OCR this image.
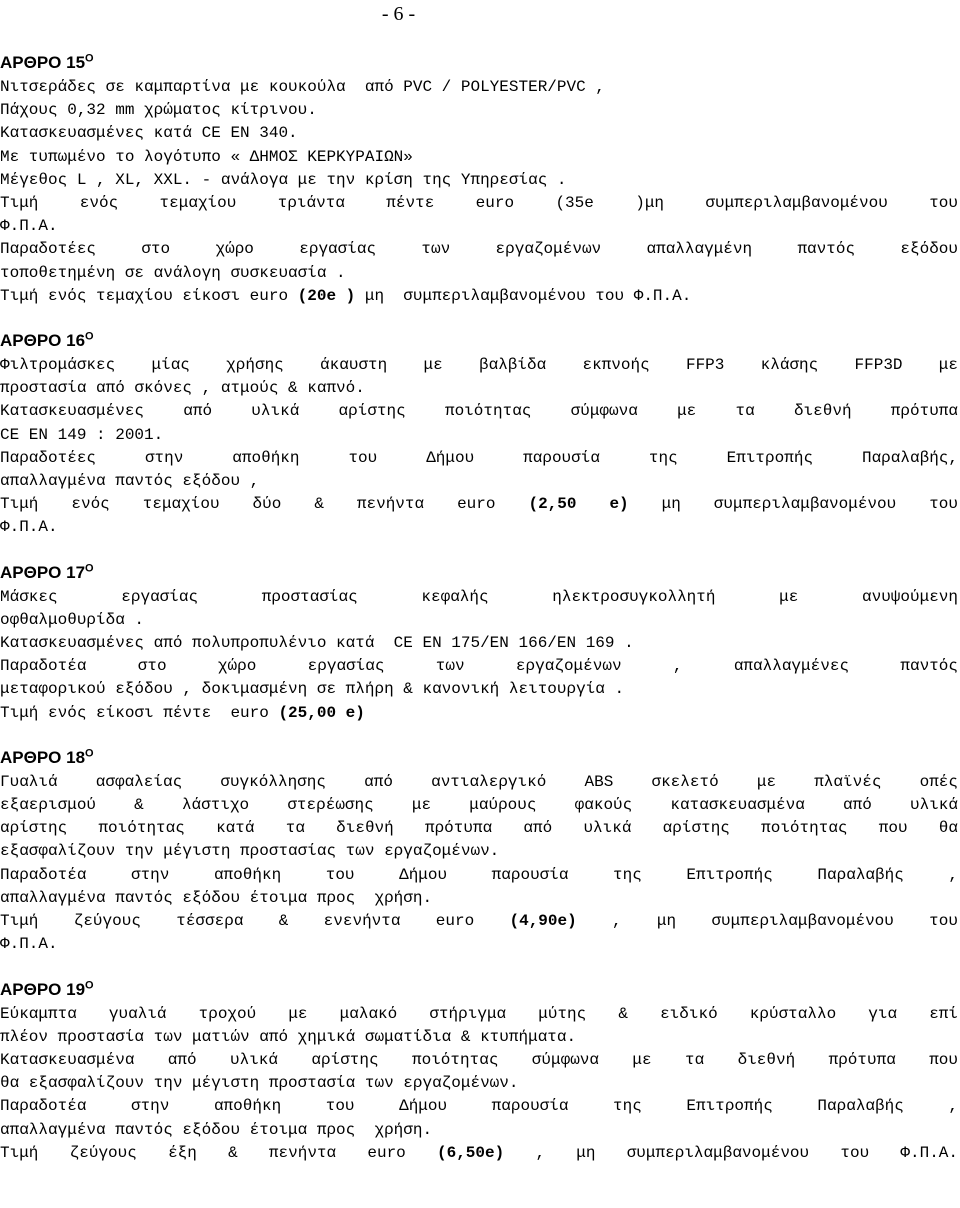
- 6 -
ΑΡΘΡΟ $15^O$
Νιτσεράδες σε καμπαρτίνα με κουκούλα  από PVC / POLYESTER/PVC ,
Πάχους 0,32 mm χρώματος κίτρινου.
Κατασκευασμένες κατά CE EN 340.
Με τυπωμένο το λογότυπο « ΔΗΜΟΣ ΚΕΡΚΥΡΑΙΩΝ»
Μέγεθος L , XL, XXL. - ανάλογα με την κρίση της Υπηρεσίας .
Τιμή ενός τεμαχίου τριάντα πέντε euro (35e )μη συμπεριλαμβανομένου του
Φ.Π.Α.
Παραδοτέες στο χώρο εργασίας των εργαζομένων απαλλαγμένη παντός εξόδου
τοποθετημένη σε ανάλογη συσκευασία .
Τιμή ενός τεμαχίου είκοσι euro (20e ) μη  συμπεριλαμβανομένου του Φ.Π.Α.
ΑΡΘΡΟ $16^O$
Φιλτρομάσκες μίας χρήσης άκαυστη με βαλβίδα εκπνοής FFP3 κλάσης FFP3D με
προστασία από σκόνες , ατμούς & καπνό.
Κατασκευασμένες από υλικά αρίστης ποιότητας σύμφωνα με τα διεθνή πρότυπα
CE EN 149 : 2001.
Παραδοτέες στην αποθήκη του Δήμου παρουσία της Επιτροπής Παραλαβής,
απαλλαγμένα παντός εξόδου ,
Τιμή ενός τεμαχίου δύο & πενήντα euro (2,50 e) μη συμπεριλαμβανομένου του
Φ.Π.Α.
ΑΡΘΡΟ $17^O$
Μάσκες εργασίας προστασίας κεφαλής ηλεκτροσυγκολλητή με ανυψούμενη
οφθαλμοθυρίδα .
Κατασκευασμένες από πολυπροπυλένιο κατά  CE EN 175/EN 166/EN 169 .
Παραδοτέα στο χώρο εργασίας των εργαζομένων , απαλλαγμένες παντός
μεταφορικού εξόδου , δοκιμασμένη σε πλήρη & κανονική λειτουργία .
Τιμή ενός είκοσι πέντε  euro (25,00 e)
ΑΡΘΡΟ $18^O$
Γυαλιά ασφαλείας συγκόλλησης από αντιαλεργικό ABS σκελετό με πλαϊνές οπές
εξαερισμού & λάστιχο στερέωσης με μαύρους φακούς κατασκευασμένα από υλικά
αρίστης ποιότητας κατά τα διεθνή πρότυπα από υλικά αρίστης ποιότητας που θα
εξασφαλίζουν την μέγιστη προστασίας των εργαζομένων.
Παραδοτέα στην αποθήκη του Δήμου παρουσία της Επιτροπής Παραλαβής ,
απαλλαγμένα παντός εξόδου έτοιμα προς  χρήση.
Τιμή ζεύγους τέσσερα & ενενήντα euro (4,90e) , μη συμπεριλαμβανομένου του
Φ.Π.Α.
ΑΡΘΡΟ $19^O$
Εύκαμπτα γυαλιά τροχού με μαλακό στήριγμα μύτης & ειδικό κρύσταλλο για επί
πλέον προστασία των ματιών από χημικά σωματίδια & κτυπήματα.
Κατασκευασμένα από υλικά αρίστης ποιότητας σύμφωνα με τα διεθνή πρότυπα που
θα εξασφαλίζουν την μέγιστη προστασία των εργαζομένων.
Παραδοτέα στην αποθήκη του Δήμου παρουσία της Επιτροπής Παραλαβής ,
απαλλαγμένα παντός εξόδου έτοιμα προς  χρήση.
Τιμή ζεύγους έξη & πενήντα euro (6,50e) , μη συμπεριλαμβανομένου του Φ.Π.Α.
